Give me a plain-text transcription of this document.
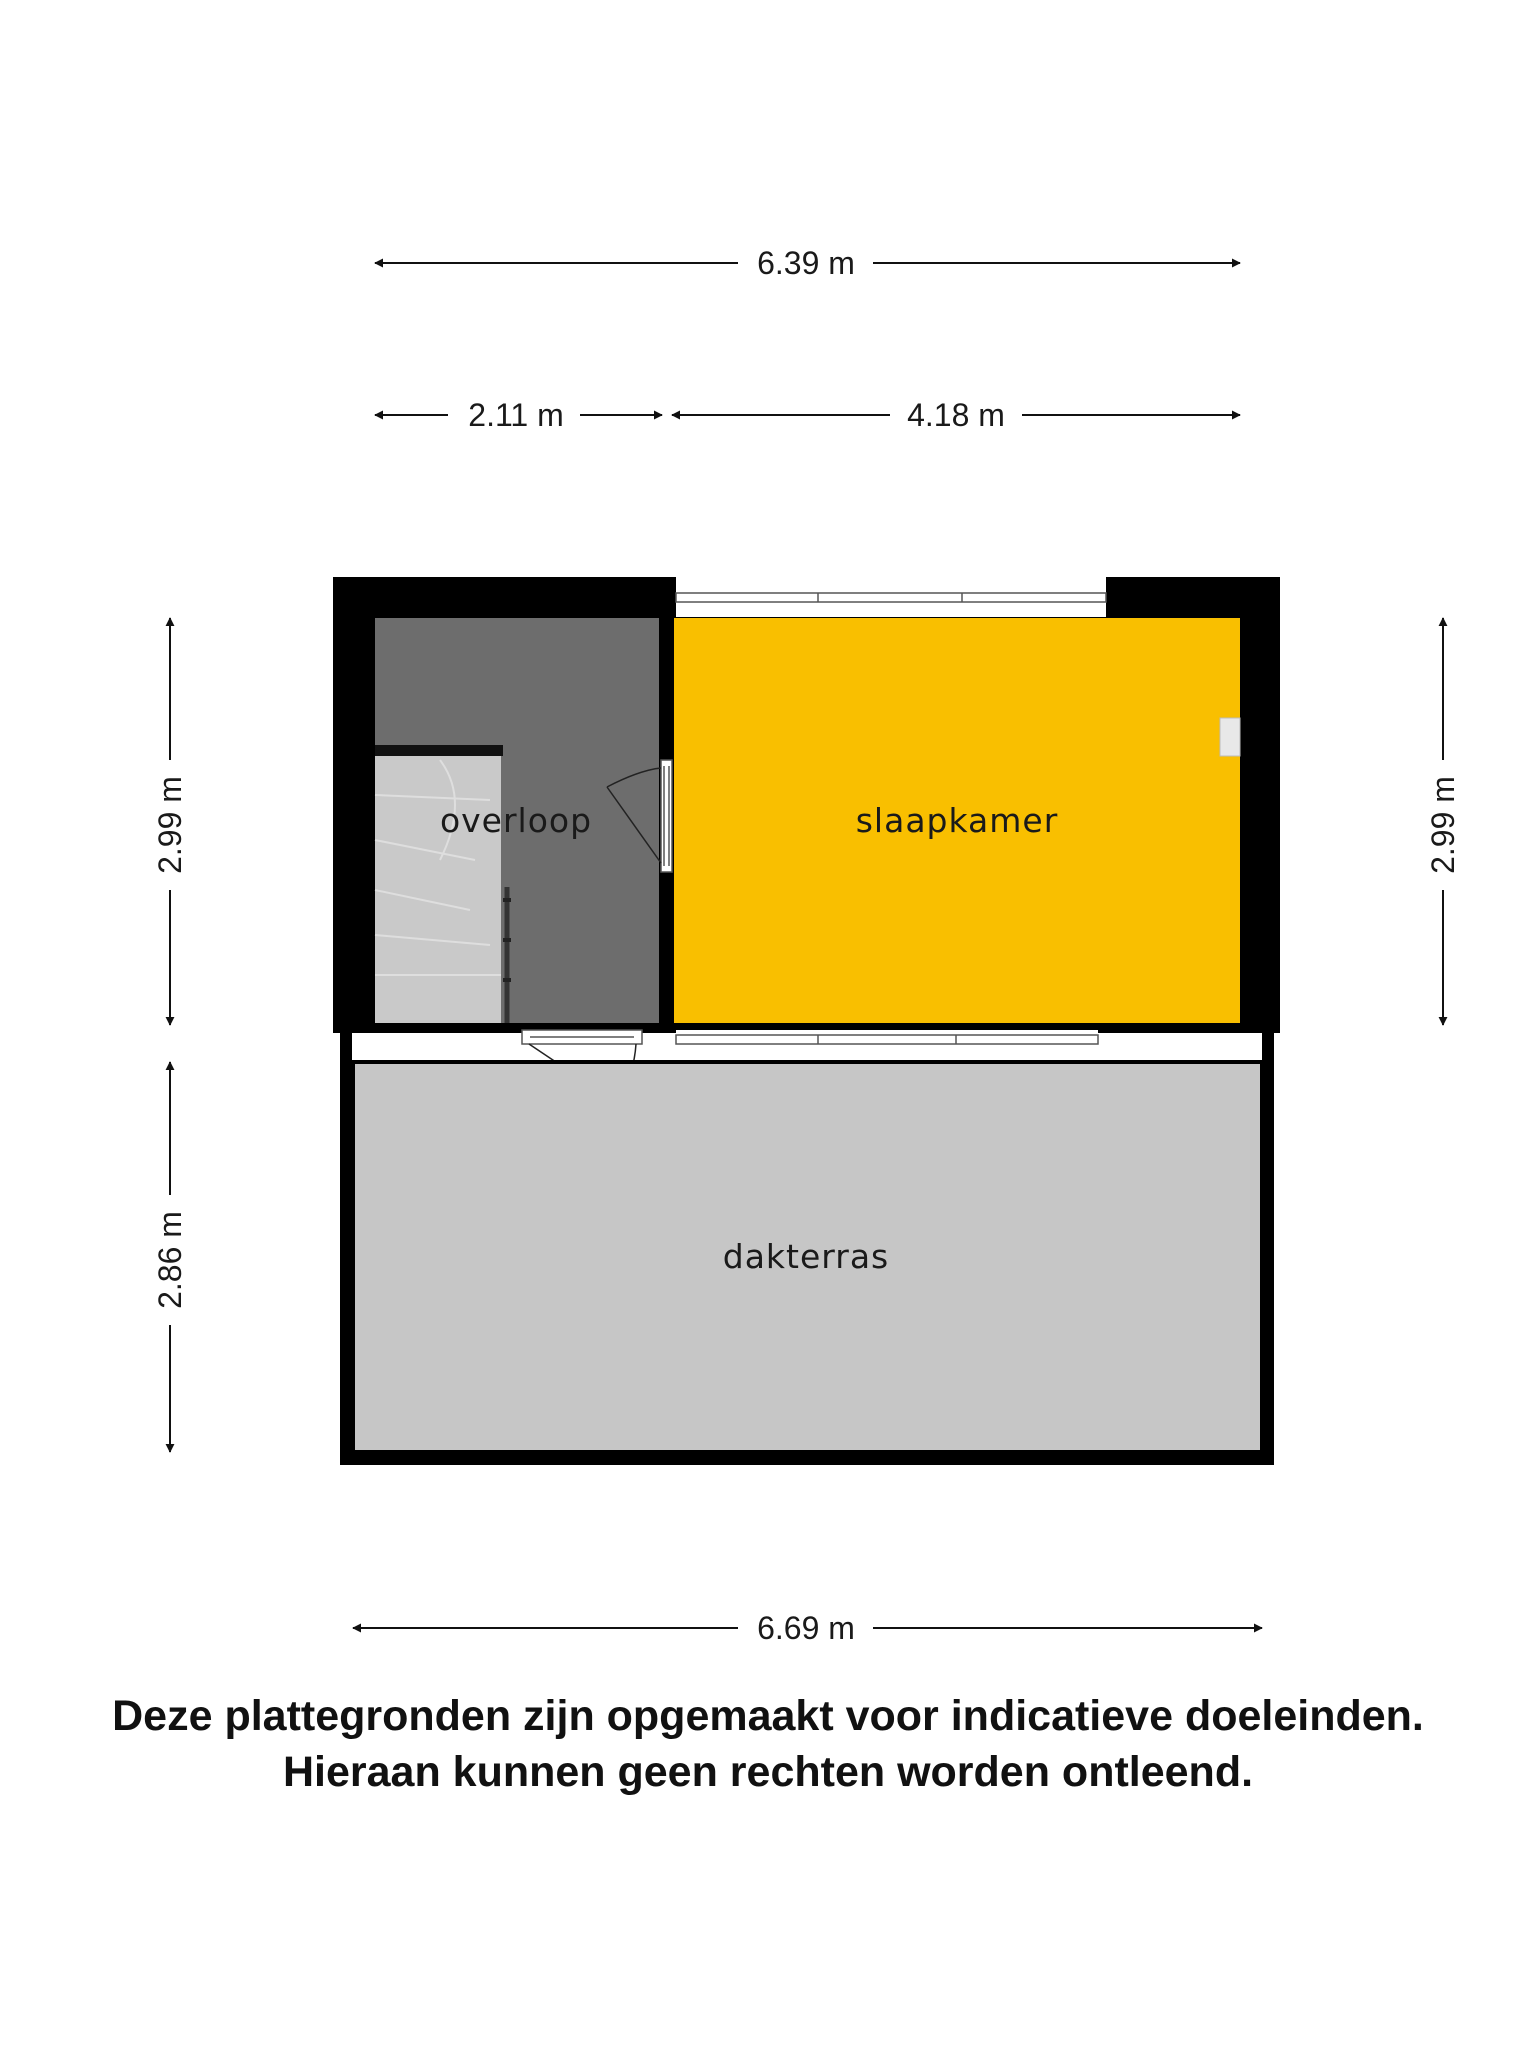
6.39 m
2.11 m	4.18 m
2.99 m
2.86 m
2.99 m
6.69 m
overloop	slaapkamer
dakterras
Deze plattegronden zijn opgemaakt voor indicatieve doeleinden.
Hieraan kunnen geen rechten worden ontleend.
